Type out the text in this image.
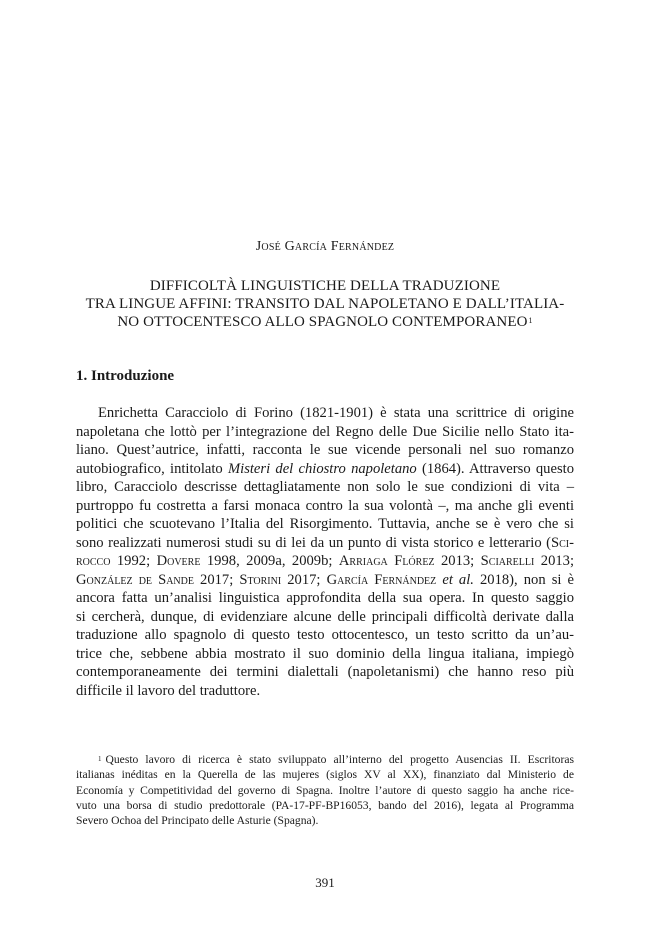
José García Fernández
DIFFICOLTÀ LINGUISTICHE DELLA TRADUZIONE
TRA LINGUE AFFINI: TRANSITO DAL NAPOLETANO E DALL’ITALIA-
NO OTTOCENTESCO ALLO SPAGNOLO CONTEMPORANEO$^1$
1. Introduzione
Enrichetta Caracciolo di Forino (1821-1901) è stata una scrittrice di origine
napoletana che lottò per l’integrazione del Regno delle Due Sicilie nello Stato ita-
liano. Quest’autrice, infatti, racconta le sue vicende personali nel suo romanzo
autobiografico, intitolato Misteri del chiostro napoletano (1864). Attraverso questo
libro, Caracciolo descrisse dettagliatamente non solo le sue condizioni di vita –
purtroppo fu costretta a farsi monaca contro la sua volontà –, ma anche gli eventi
politici che scuotevano l’Italia del Risorgimento. Tuttavia, anche se è vero che si
sono realizzati numerosi studi su di lei da un punto di vista storico e letterario (Sci-
rocco 1992; Dovere 1998, 2009a, 2009b; Arriaga Flórez 2013; Sciarelli 2013;
González de Sande 2017; Storini 2017; García Fernández et al. 2018), non si è
ancora fatta un’analisi linguistica approfondita della sua opera. In questo saggio
si cercherà, dunque, di evidenziare alcune delle principali difficoltà derivate dalla
traduzione allo spagnolo di questo testo ottocentesco, un testo scritto da un’au-
trice che, sebbene abbia mostrato il suo dominio della lingua italiana, impiegò
contemporaneamente dei termini dialettali (napoletanismi) che hanno reso più
difficile il lavoro del traduttore.
$^1$ Questo lavoro di ricerca è stato sviluppato all’interno del progetto Ausencias II. Escritoras
italianas inéditas en la Querella de las mujeres (siglos XV al XX), finanziato dal Ministerio de
Economía y Competitividad del governo di Spagna. Inoltre l’autore di questo saggio ha anche rice-
vuto una borsa di studio predottorale (PA-17-PF-BP16053, bando del 2016), legata al Programma
Severo Ochoa del Principato delle Asturie (Spagna).
391
